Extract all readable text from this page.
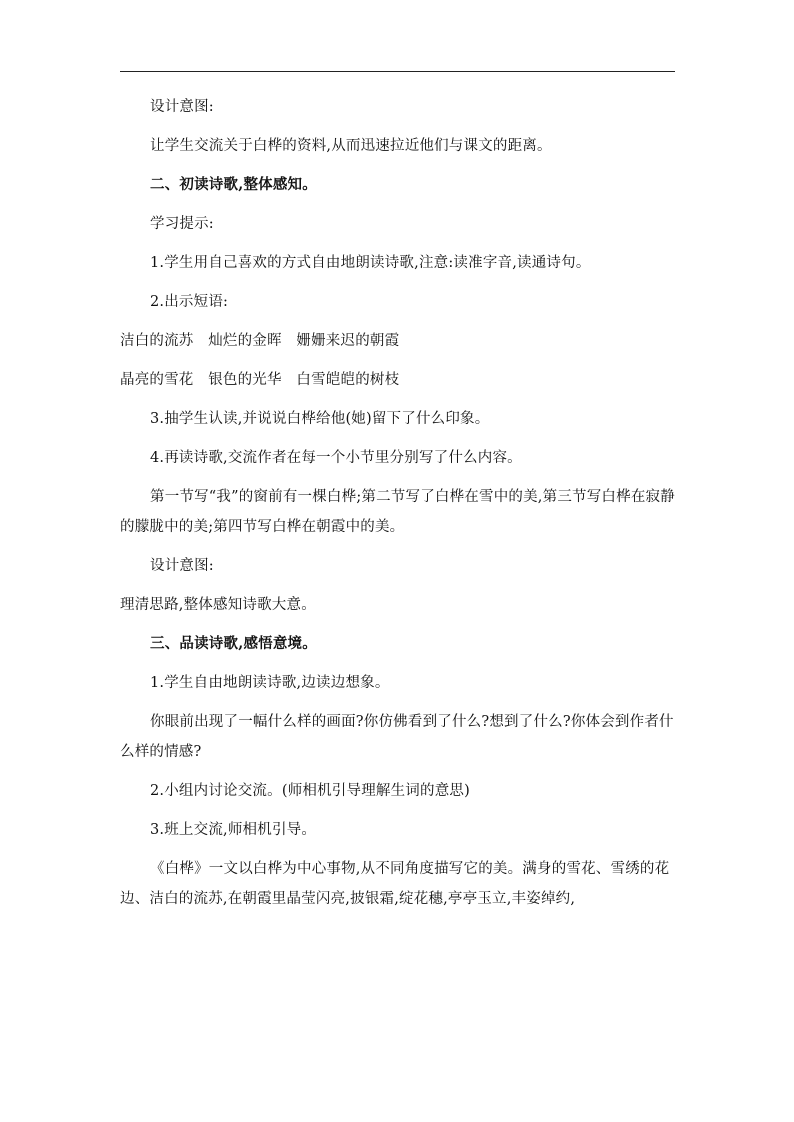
设计意图:

让学生交流关于白桦的资料,从而迅速拉近他们与课文的距离。

二、初读诗歌,整体感知。

学习提示:

1.学生用自己喜欢的方式自由地朗读诗歌,注意:读准字音,读通诗句。

2.出示短语:

洁白的流苏　灿烂的金晖　姗姗来迟的朝霞

晶亮的雪花　银色的光华　白雪皑皑的树枝

3.抽学生认读,并说说白桦给他(她)留下了什么印象。

4.再读诗歌,交流作者在每一个小节里分别写了什么内容。

第一节写“我”的窗前有一棵白桦;第二节写了白桦在雪中的美,第三节写白桦在寂静的朦胧中的美;第四节写白桦在朝霞中的美。

设计意图:

理清思路,整体感知诗歌大意。

三、品读诗歌,感悟意境。

1.学生自由地朗读诗歌,边读边想象。

你眼前出现了一幅什么样的画面?你仿佛看到了什么?想到了什么?你体会到作者什么样的情感?

2.小组内讨论交流。(师相机引导理解生词的意思)

3.班上交流,师相机引导。

《白桦》一文以白桦为中心事物,从不同角度描写它的美。满身的雪花、雪绣的花边、洁白的流苏,在朝霞里晶莹闪亮,披银霜,绽花穗,亭亭玉立,丰姿绰约,
